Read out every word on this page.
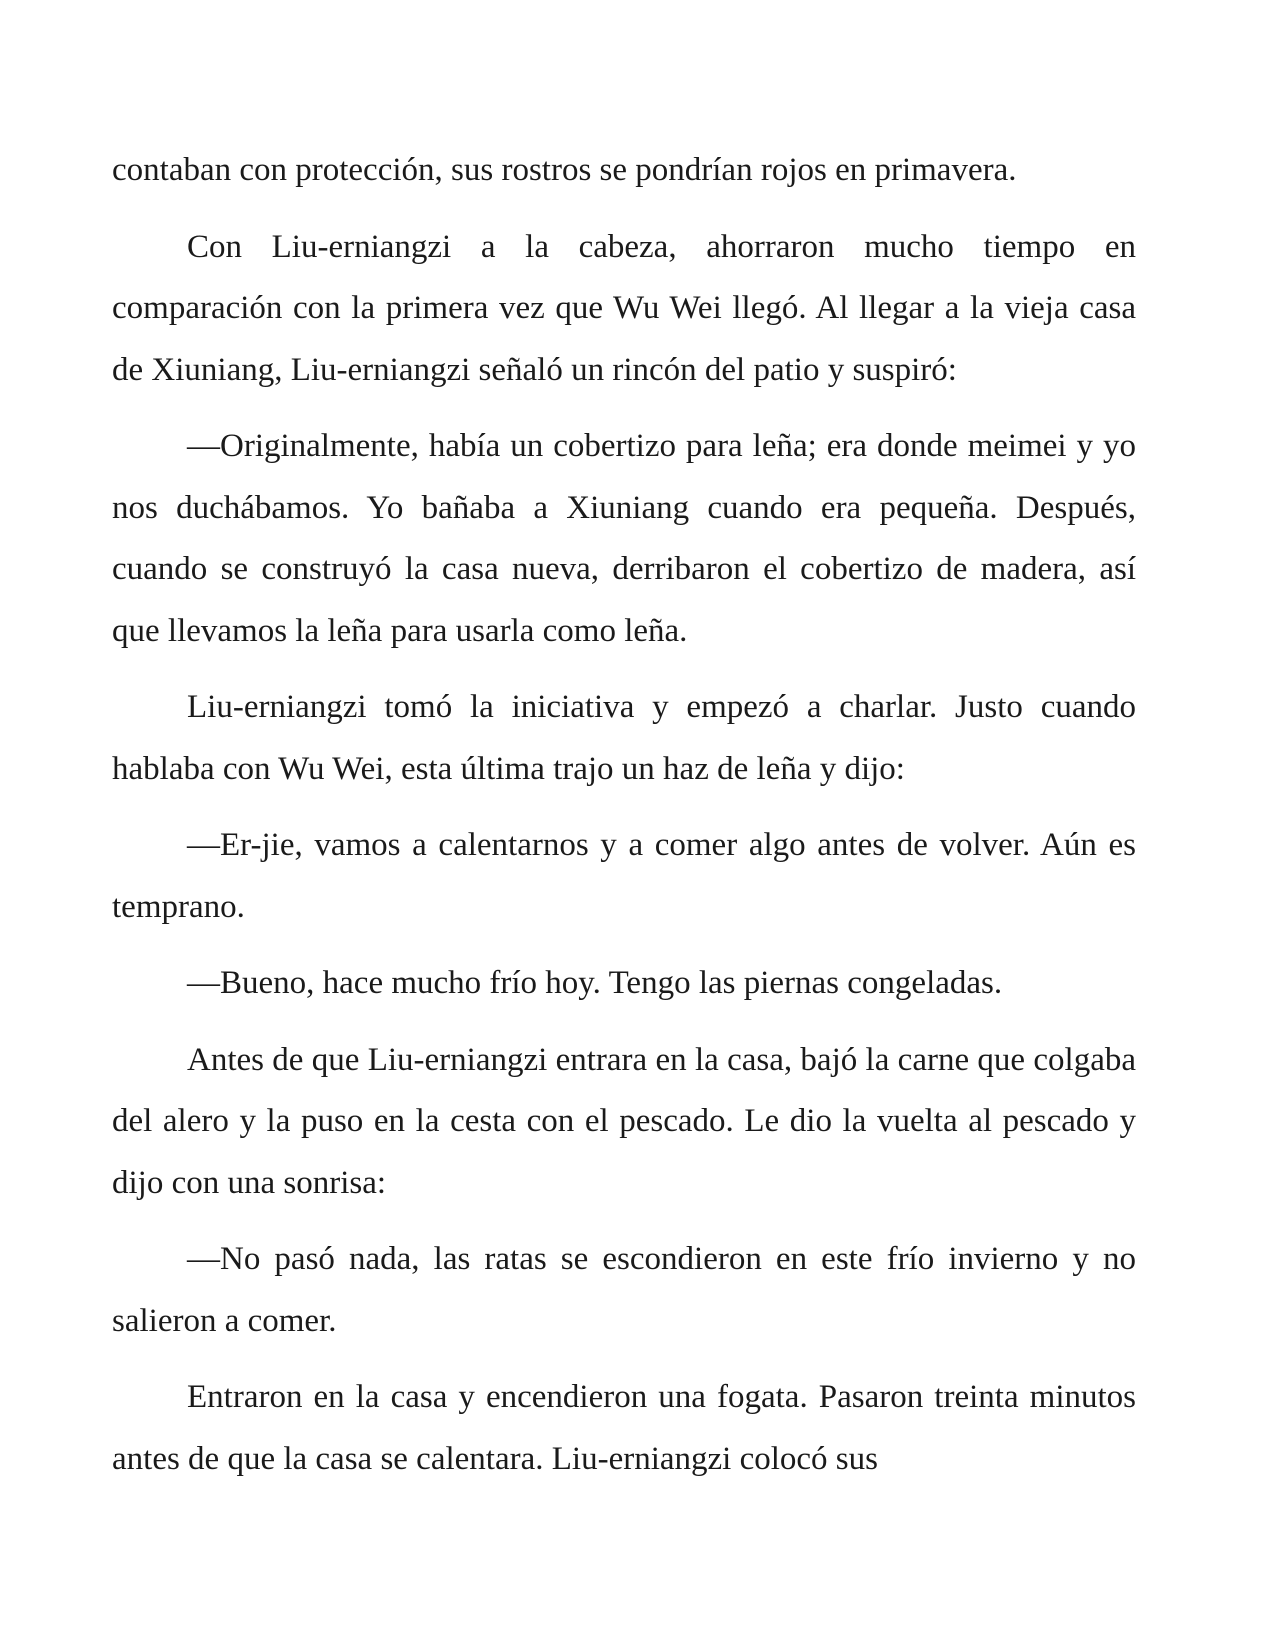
contaban con protección, sus rostros se pondrían rojos en primavera.

Con Liu-erniangzi a la cabeza, ahorraron mucho tiempo en comparación con la primera vez que Wu Wei llegó. Al llegar a la vieja casa de Xiuniang, Liu-erniangzi señaló un rincón del patio y suspiró:

—Originalmente, había un cobertizo para leña; era donde meimei y yo nos duchábamos. Yo bañaba a Xiuniang cuando era pequeña. Después, cuando se construyó la casa nueva, derribaron el cobertizo de madera, así que llevamos la leña para usarla como leña.

Liu-erniangzi tomó la iniciativa y empezó a charlar. Justo cuando hablaba con Wu Wei, esta última trajo un haz de leña y dijo:

—Er-jie, vamos a calentarnos y a comer algo antes de volver. Aún es temprano.

—Bueno, hace mucho frío hoy. Tengo las piernas congeladas.

Antes de que Liu-erniangzi entrara en la casa, bajó la carne que colgaba del alero y la puso en la cesta con el pescado. Le dio la vuelta al pescado y dijo con una sonrisa:

—No pasó nada, las ratas se escondieron en este frío invierno y no salieron a comer.

Entraron en la casa y encendieron una fogata. Pasaron treinta minutos antes de que la casa se calentara. Liu-erniangzi colocó sus
